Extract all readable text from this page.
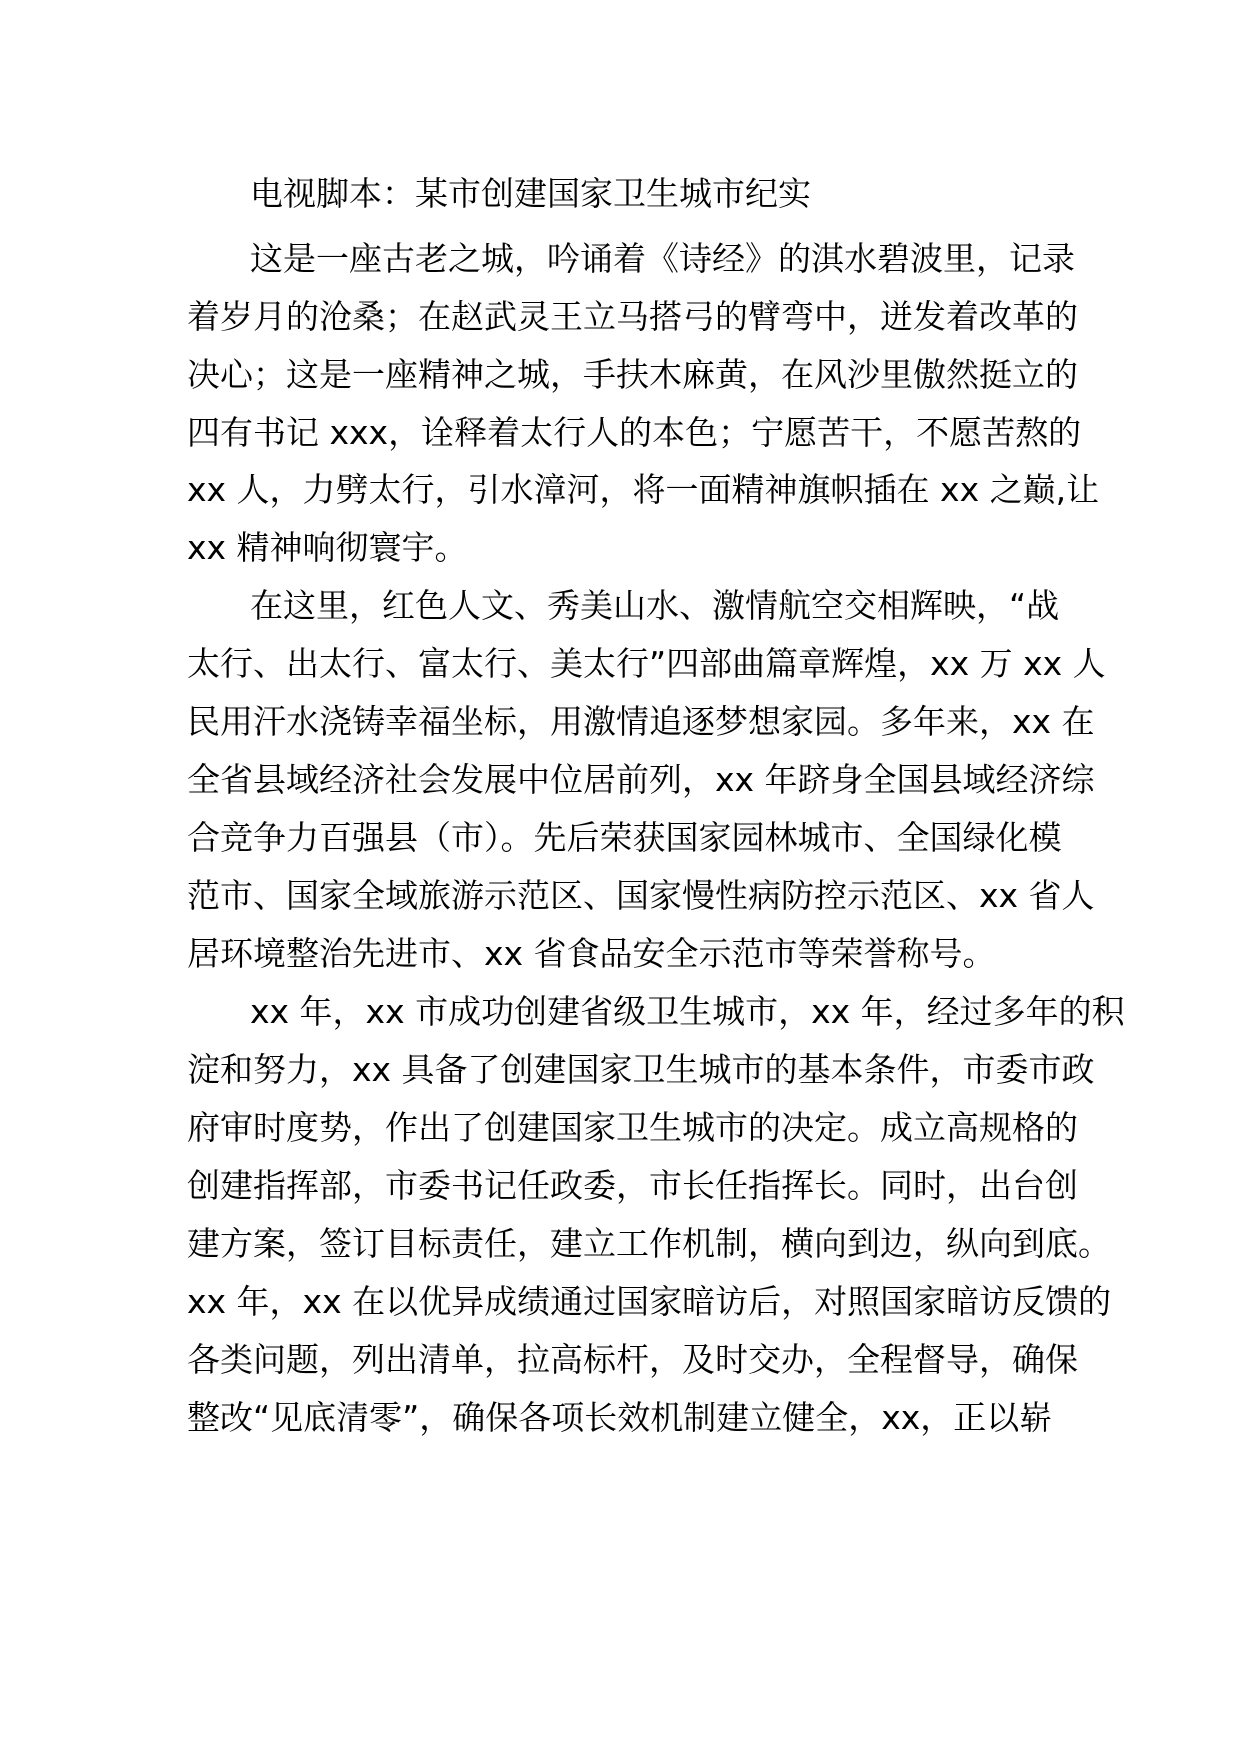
电视脚本：某市创建国家卫生城市纪实
这是一座古老之城，吟诵着《诗经》的淇水碧波里，记录
着岁月的沧桑；在赵武灵王立马搭弓的臂弯中，迸发着改革的
决心；这是一座精神之城，手扶木麻黄，在风沙里傲然挺立的
四有书记 xxx，诠释着太行人的本色；宁愿苦干，不愿苦熬的
xx 人，力劈太行，引水漳河，将一面精神旗帜插在 xx 之巅,让
xx 精神响彻寰宇。
在这里，红色人文、秀美山水、激情航空交相辉映，“战
太行、出太行、富太行、美太行”四部曲篇章辉煌，xx 万 xx 人
民用汗水浇铸幸福坐标，用激情追逐梦想家园。多年来，xx 在
全省县域经济社会发展中位居前列，xx 年跻身全国县域经济综
合竞争力百强县（市）。先后荣获国家园林城市、全国绿化模
范市、国家全域旅游示范区、国家慢性病防控示范区、xx 省人
居环境整治先进市、xx 省食品安全示范市等荣誉称号。
xx 年，xx 市成功创建省级卫生城市，xx 年，经过多年的积
淀和努力，xx 具备了创建国家卫生城市的基本条件，市委市政
府审时度势，作出了创建国家卫生城市的决定。成立高规格的
创建指挥部，市委书记任政委，市长任指挥长。同时，出台创
建方案，签订目标责任，建立工作机制，横向到边，纵向到底。
xx 年，xx 在以优异成绩通过国家暗访后，对照国家暗访反馈的
各类问题，列出清单，拉高标杆，及时交办，全程督导，确保
整改“见底清零”，确保各项长效机制建立健全，xx，正以崭
